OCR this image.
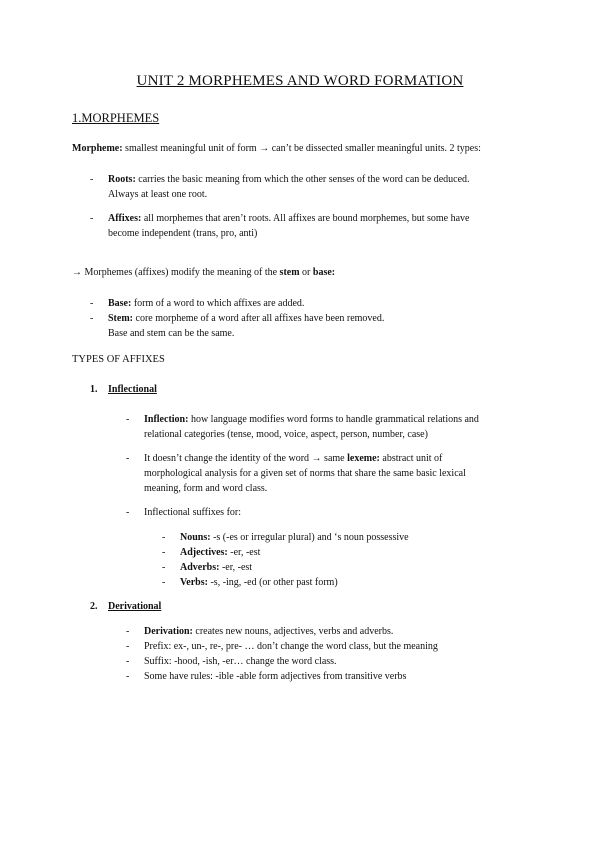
UNIT 2 MORPHEMES AND WORD FORMATION
1.MORPHEMES
Morpheme: smallest meaningful unit of form → can’t be dissected smaller meaningful units. 2 types:
- Roots: carries the basic meaning from which the other senses of the word can be deduced.
Always at least one root.
- Affixes: all morphemes that aren’t roots. All affixes are bound morphemes, but some have
become independent (trans, pro, anti)
→ Morphemes (affixes) modify the meaning of the stem or base:
- Base: form of a word to which affixes are added.
- Stem: core morpheme of a word after all affixes have been removed.
Base and stem can be the same.
TYPES OF AFFIXES
1. Inflectional
- Inflection: how language modifies word forms to handle grammatical relations and
relational categories (tense, mood, voice, aspect, person, number, case)
- It doesn’t change the identity of the word → same lexeme: abstract unit of
morphological analysis for a given set of norms that share the same basic lexical
meaning, form and word class.
- Inflectional suffixes for:
- Nouns: -s (-es or irregular plural) and ‘s noun possessive
- Adjectives: -er, -est
- Adverbs: -er, -est
- Verbs: -s, -ing, -ed (or other past form)
2. Derivational
- Derivation: creates new nouns, adjectives, verbs and adverbs.
- Prefix: ex-, un-, re-, pre- … don’t change the word class, but the meaning
- Suffix: -hood, -ish, -er… change the word class.
- Some have rules: -ible -able form adjectives from transitive verbs
